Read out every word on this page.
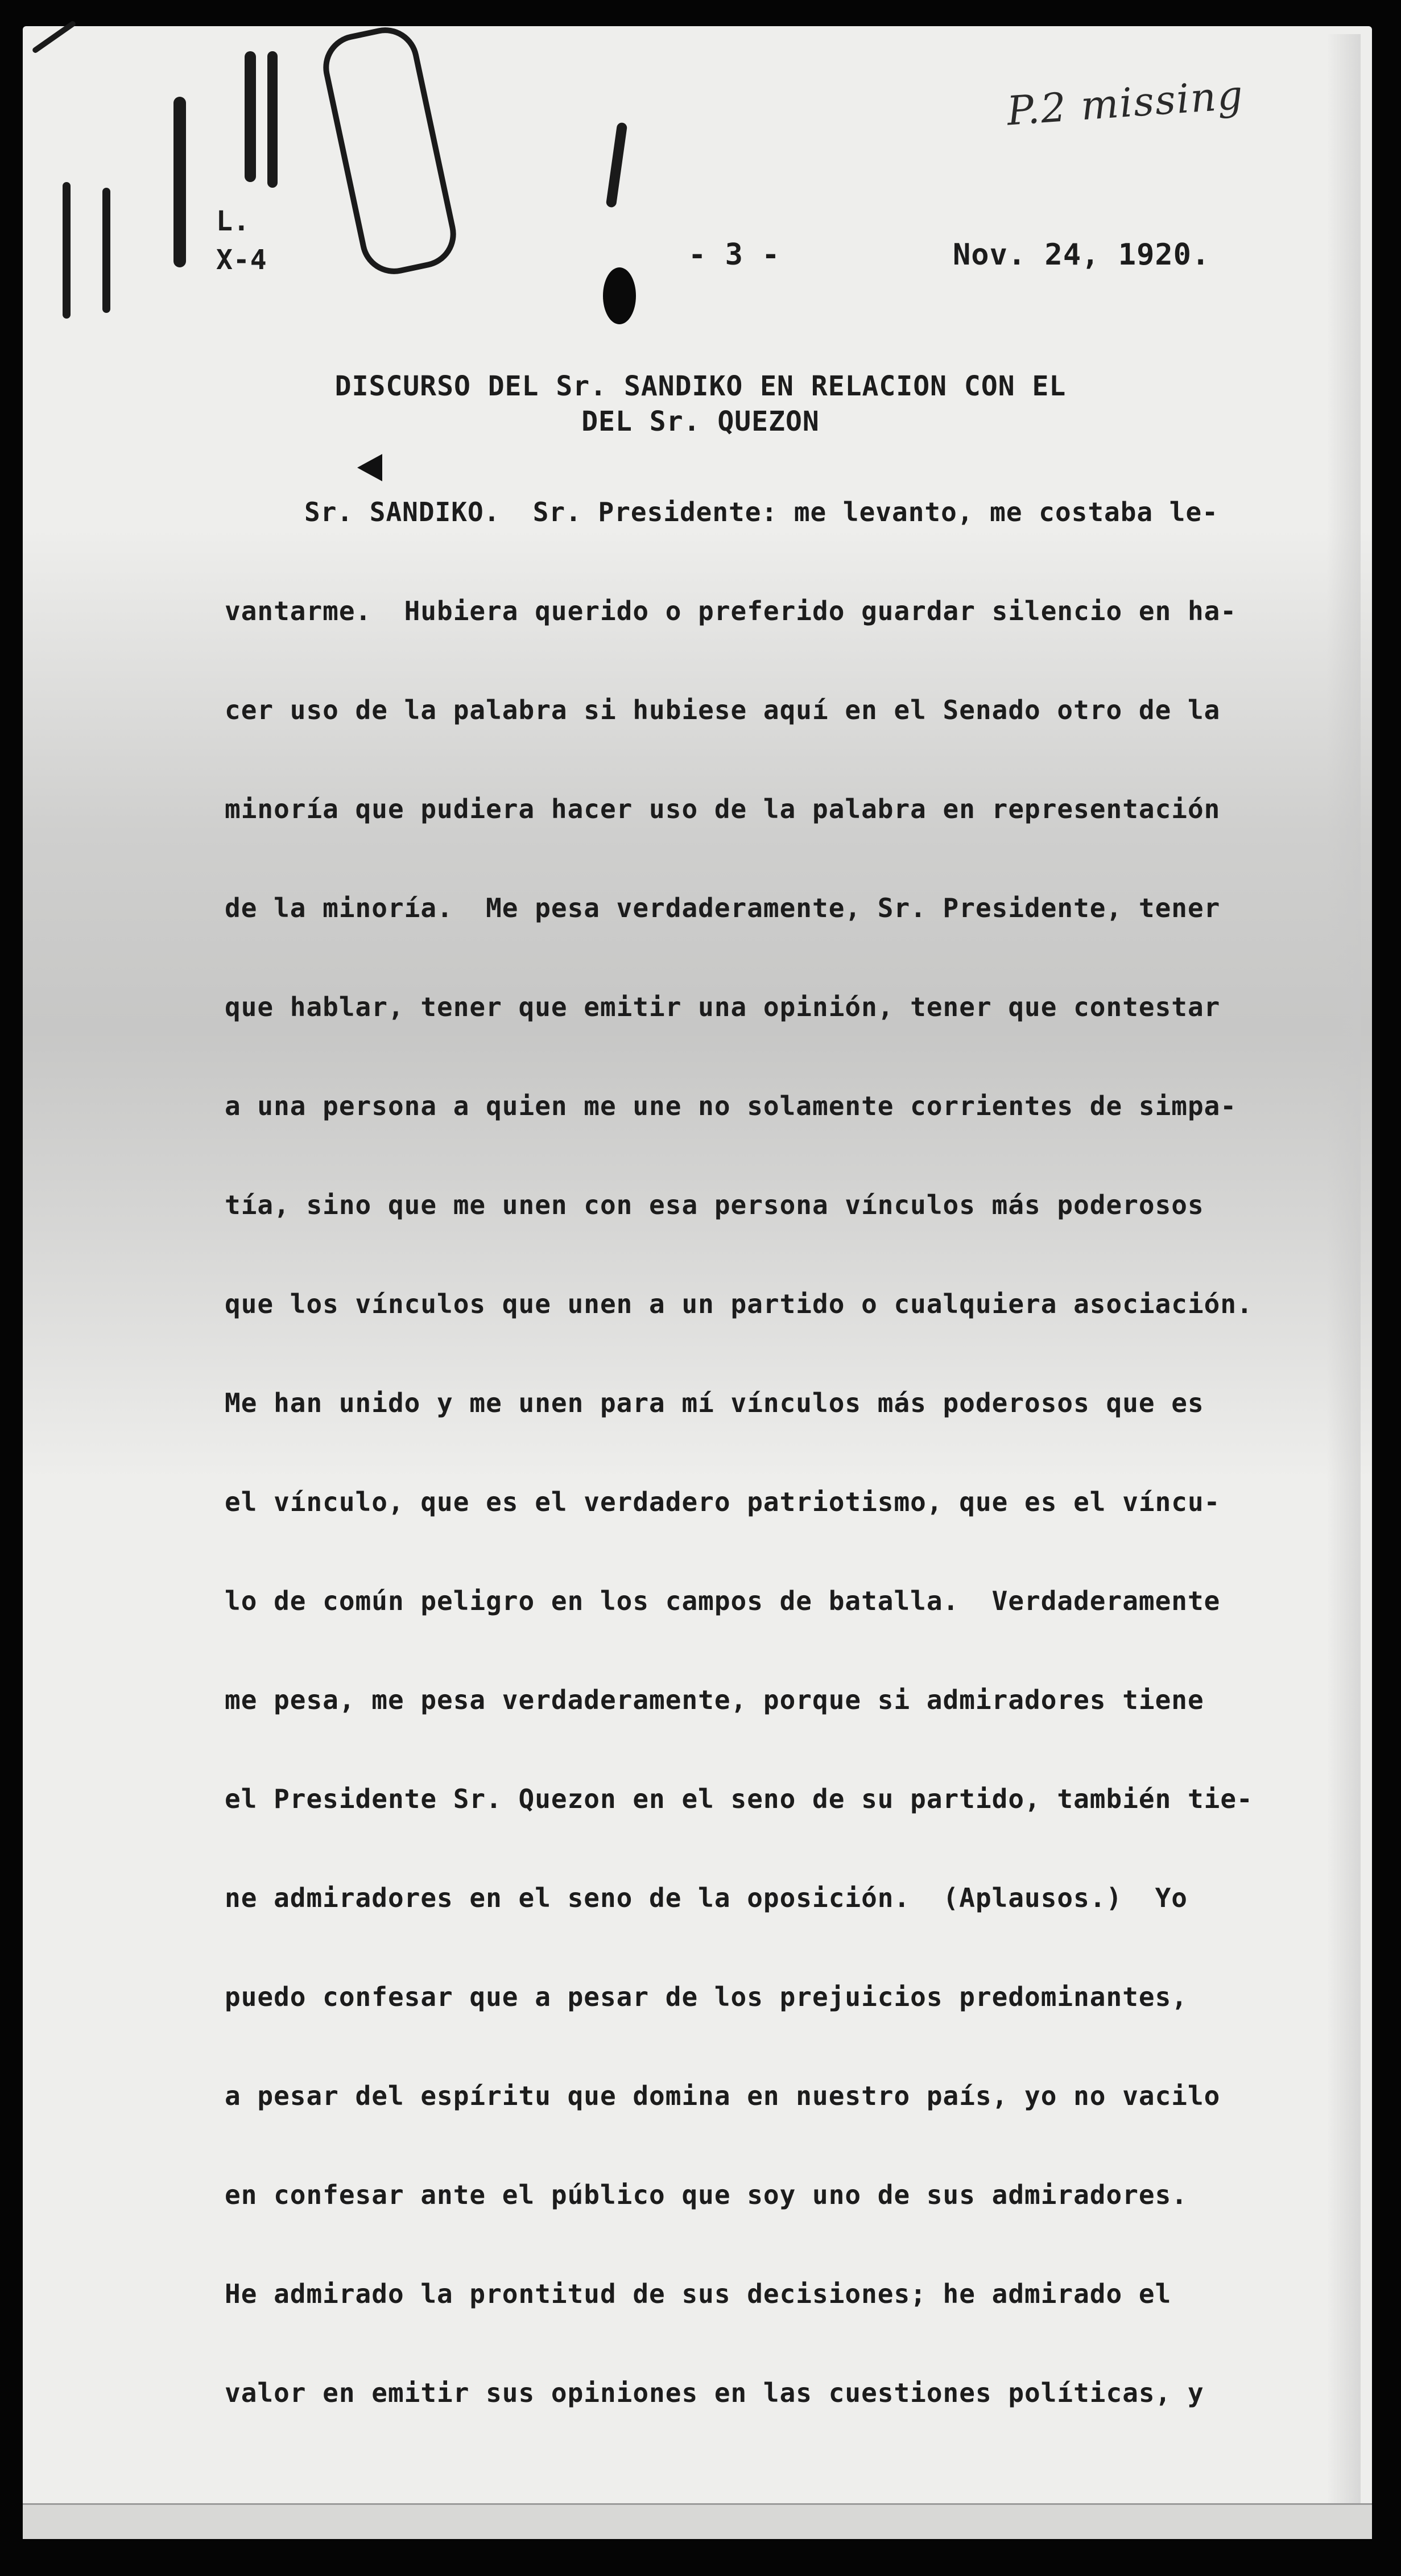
P.2 missing
L.
X-4	- 3 -	Nov. 24, 1920.
DISCURSO DEL Sr. SANDIKO EN RELACION CON EL
DEL Sr. QUEZON
Sr. SANDIKO.  Sr. Presidente: me levanto, me costaba le-
vantarme.  Hubiera querido o preferido guardar silencio en ha-
cer uso de la palabra si hubiese aquí en el Senado otro de la
minoría que pudiera hacer uso de la palabra en representación
de la minoría.  Me pesa verdaderamente, Sr. Presidente, tener
que hablar, tener que emitir una opinión, tener que contestar
a una persona a quien me une no solamente corrientes de simpa-
tía, sino que me unen con esa persona vínculos más poderosos
que los vínculos que unen a un partido o cualquiera asociación.
Me han unido y me unen para mí vínculos más poderosos que es
el vínculo, que es el verdadero patriotismo, que es el víncu-
lo de común peligro en los campos de batalla.  Verdaderamente
me pesa, me pesa verdaderamente, porque si admiradores tiene
el Presidente Sr. Quezon en el seno de su partido, también tie-
ne admiradores en el seno de la oposición.  (Aplausos.)  Yo
puedo confesar que a pesar de los prejuicios predominantes,
a pesar del espíritu que domina en nuestro país, yo no vacilo
en confesar ante el público que soy uno de sus admiradores.
He admirado la prontitud de sus decisiones; he admirado el
valor en emitir sus opiniones en las cuestiones políticas, y
